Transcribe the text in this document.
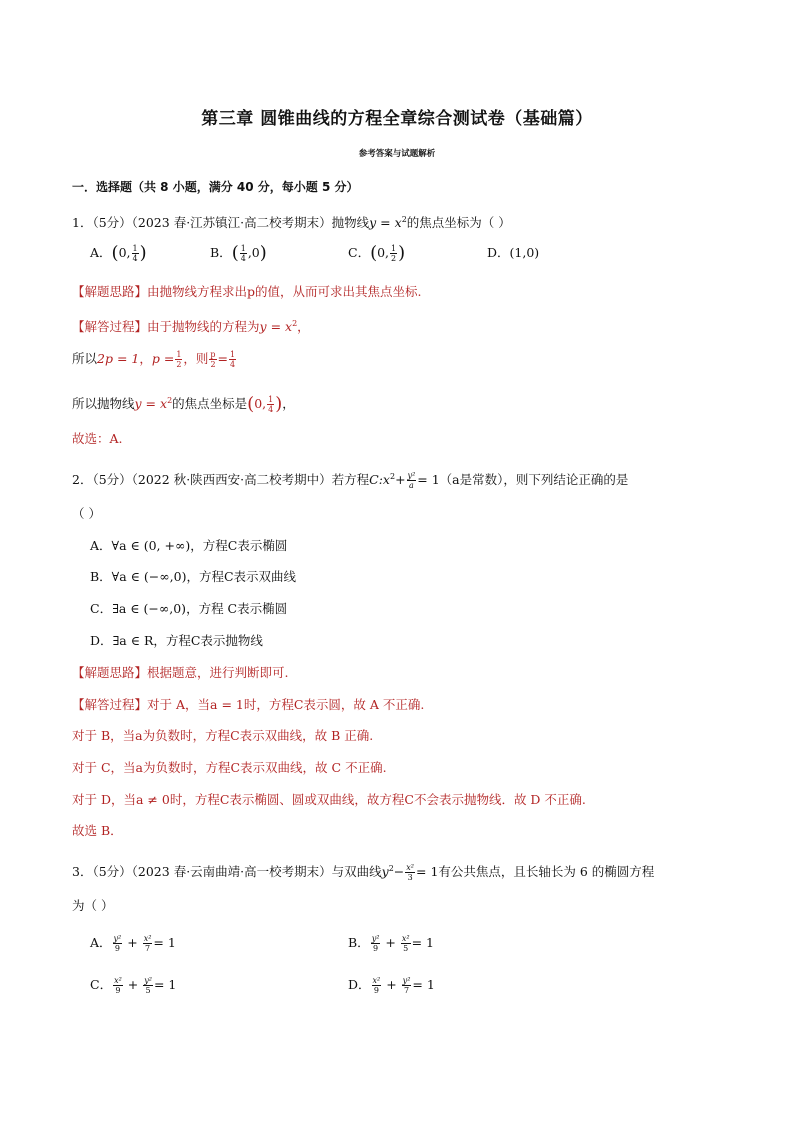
第三章 圆锥曲线的方程全章综合测试卷（基础篇）
参考答案与试题解析
一．选择题（共 8 小题，满分 40 分，每小题 5 分）
1．（5分）（2023 春·江苏镇江·高二校考期末）抛物线$y = x^2$的焦点坐标为（ ）
A．(0, $\frac{1}{4}$ )	B．( $\frac{1}{4} ,0$)	C．(0, $\frac{1}{2}$ )	D．(1,0)
【解题思路】由抛物线方程求出p的值，从而可求出其焦点坐标.
【解答过程】由于抛物线的方程为$y = x^2$，
所以2p = 1，$p = \frac{1}{2}$ ，则 $\frac{p}{2} = \frac{1}{4}$
所以抛物线$y = x^2$的焦点坐标是(0, $\frac{1}{4}$ )，
故选：A.
2．（5分）（2022 秋·陕西西安·高二校考期中）若方程$C:x^2+ \frac{\text{y²}}{a} = 1(a$是常数），则下列结论正确的是
（ ）
A．∀a ∈ (0, +∞)，方程C表示椭圆
B．∀a ∈ (−∞,0)，方程C表示双曲线
C．∃a ∈ (−∞,0)，方程 C表示椭圆
D．∃a ∈ R，方程C表示抛物线
【解题思路】根据题意，进行判断即可.
【解答过程】对于 A，当a = 1时，方程C表示圆，故 A 不正确.
对于 B，当a为负数时，方程C表示双曲线，故 B 正确.
对于 C，当a为负数时，方程C表示双曲线，故 C 不正确.
对于 D，当a ≠ 0时，方程C表示椭圆、圆或双曲线，故方程C不会表示抛物线．故 D 不正确.
故选 B．
3．（5分）（2023 春·云南曲靖·高一校考期末）与双曲线$y^2- \frac{\text{x²}}{3} = 1$有公共焦点，且长轴长为 6 的椭圆方程
为（ ）
A． $\frac{\text{y²}}{9} + \frac{\text{x²}}{7} = 1$	B． $\frac{\text{y²}}{9} + \frac{\text{x²}}{5} = 1$
C． $\frac{\text{x²}}{9} + \frac{\text{y²}}{5} = 1$	D． $\frac{\text{x²}}{9} + \frac{\text{y²}}{7} = 1$
